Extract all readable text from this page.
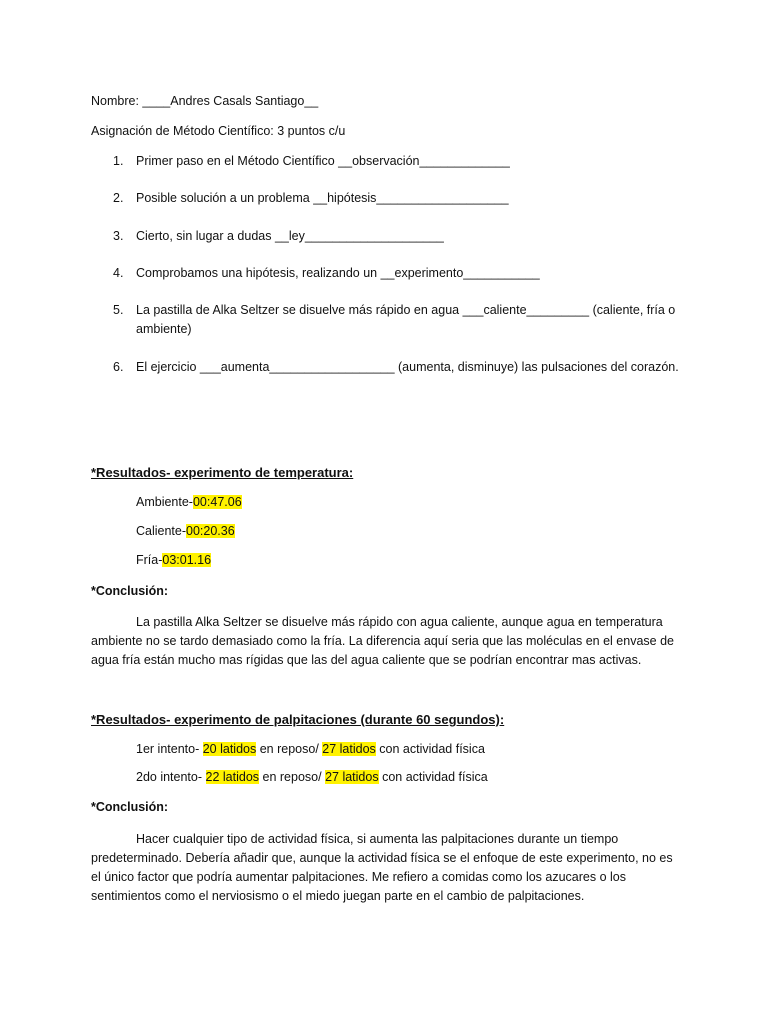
Nombre: ____Andres Casals Santiago__
Asignación de Método Científico: 3 puntos c/u
1. Primer paso en el Método Científico __observación_____________
2. Posible solución a un problema __hipótesis___________________
3. Cierto, sin lugar a dudas __ley____________________
4. Comprobamos una hipótesis, realizando un __experimento___________
5. La pastilla de Alka Seltzer se disuelve más rápido en agua ___caliente_________ (caliente, fría o ambiente)
6. El ejercicio ___aumenta__________________ (aumenta, disminuye) las pulsaciones del corazón.
*Resultados- experimento de temperatura:
Ambiente-00:47.06
Caliente-00:20.36
Fría-03:01.16
*Conclusión:
La pastilla Alka Seltzer se disuelve más rápido con agua caliente, aunque agua en temperatura ambiente no se tardo demasiado como la fría. La diferencia aquí seria que las moléculas en el envase de agua fría están mucho mas rígidas que las del agua caliente que se podrían encontrar mas activas.
*Resultados- experimento de palpitaciones (durante 60 segundos):
1er intento- 20 latidos en reposo/ 27 latidos con actividad física
2do intento- 22 latidos en reposo/ 27 latidos con actividad física
*Conclusión:
Hacer cualquier tipo de actividad física, si aumenta las palpitaciones durante un tiempo predeterminado. Debería añadir que, aunque la actividad física se el enfoque de este experimento, no es el único factor que podría aumentar palpitaciones. Me refiero a comidas como los azucares o los sentimientos como el nerviosismo o el miedo juegan parte en el cambio de palpitaciones.
